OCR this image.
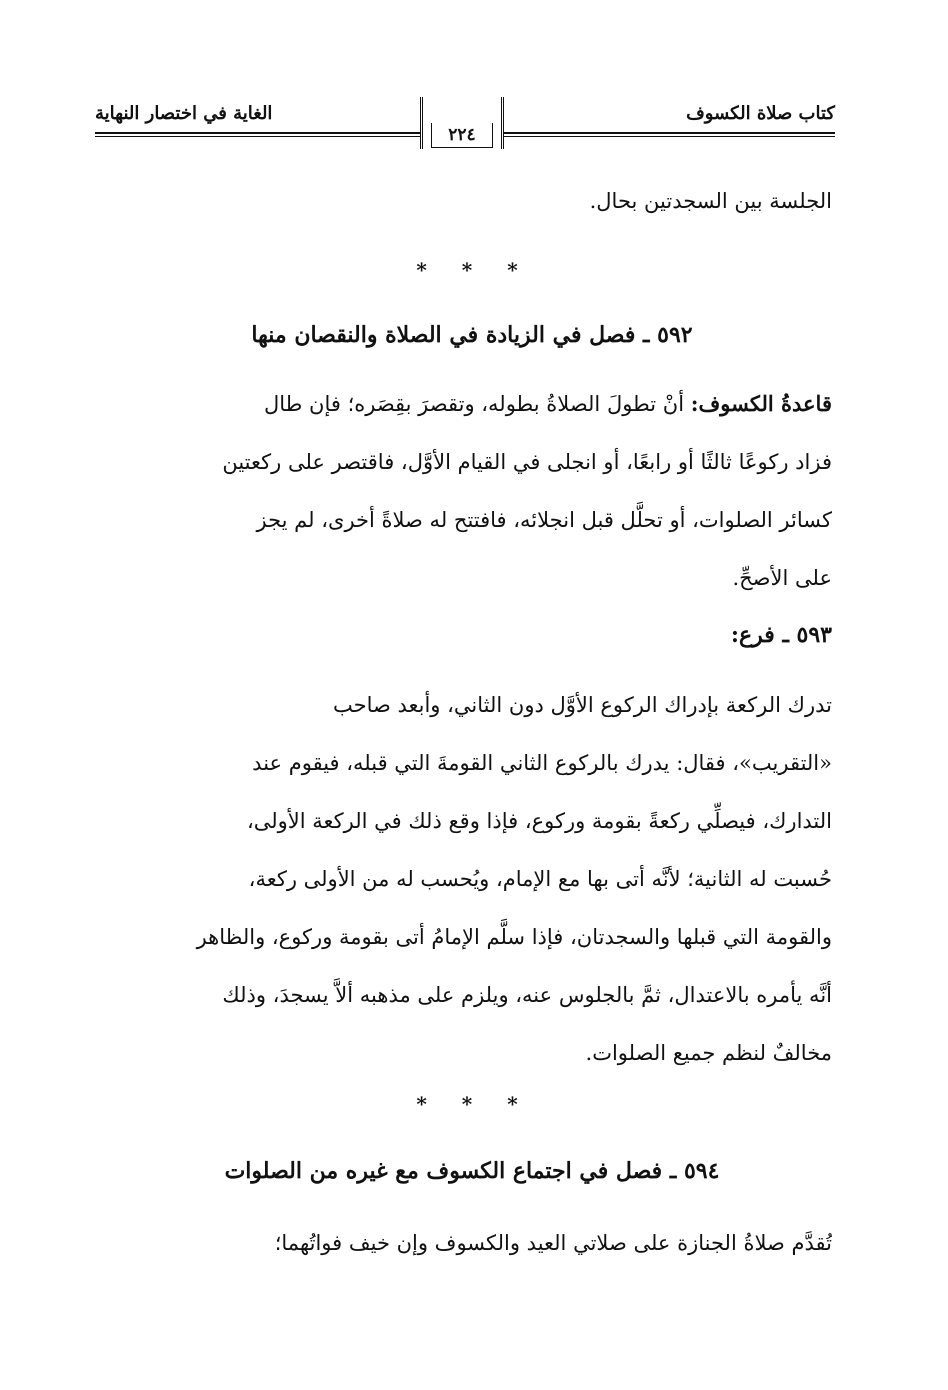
كتاب صلاة الكسوف
الغاية في اختصار النهاية
٢٢٤
الجلسة بين السجدتين بحال.
* * *
٥٩٢ ـ فصل في الزيادة في الصلاة والنقصان منها
قاعدةُ الكسوف: أنْ تطولَ الصلاةُ بطوله، وتقصرَ بقِصَره؛ فإن طال
فزاد ركوعًا ثالثًا أو رابعًا، أو انجلى في القيام الأوَّل، فاقتصر على ركعتين
كسائر الصلوات، أو تحلَّل قبل انجلائه، فافتتح له صلاةً أخرى، لم يجز
على الأصحِّ.
٥٩٣ ـ فرع:
تدرك الركعة بإدراك الركوع الأوَّل دون الثاني، وأبعد صاحب
«التقريب»، فقال: يدرك بالركوع الثاني القومةَ التي قبله، فيقوم عند
التدارك، فيصلِّي ركعةً بقومة وركوع، فإذا وقع ذلك في الركعة الأولى،
حُسبت له الثانية؛ لأنَّه أتى بها مع الإمام، ويُحسب له من الأولى ركعة،
والقومة التي قبلها والسجدتان، فإذا سلَّم الإمامُ أتى بقومة وركوع، والظاهر
أنَّه يأمره بالاعتدال، ثمَّ بالجلوس عنه، ويلزم على مذهبه ألاَّ يسجدَ، وذلك
مخالفٌ لنظم جميع الصلوات.
* * *
٥٩٤ ـ فصل في اجتماع الكسوف مع غيره من الصلوات
تُقدَّم صلاةُ الجنازة على صلاتي العيد والكسوف وإن خيف فواتُهما؛
